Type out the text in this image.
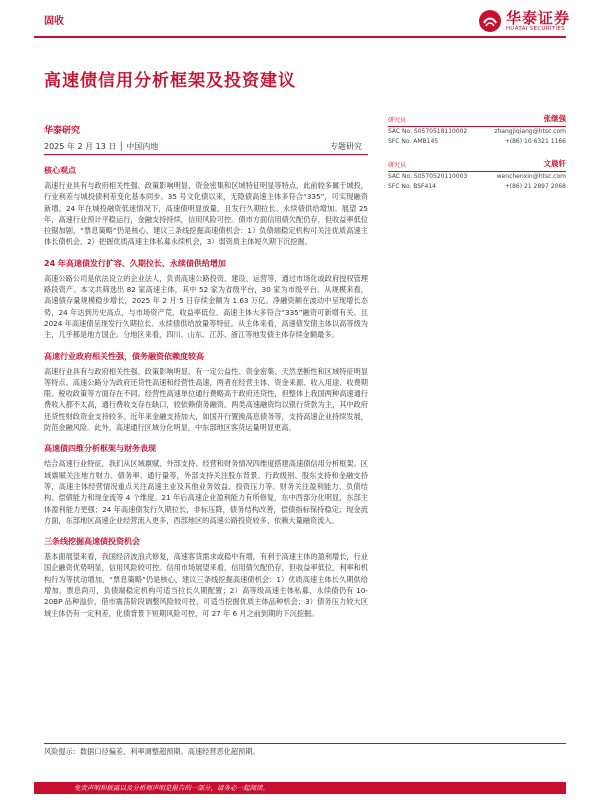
固收	华泰证券
HUATAI SECURITIES
高速债信用分析框架及投资建议
华泰研究
2025 年 2 月 13 日 │ 中国内地	专题研究
核心观点

高速行业具有与政府相关性强、政策影响明显、资金密集和区域特征明显等特点，此前较多属于城投，行业利差与城投债利差变化基本同步。35 号文化债以来，无隐债高速主体多符合“335”，可实现融资新增。24 年在城投融资低迷情况下，高速债明显放量，且发行久期拉长、永续债供给增加。展望 25 年，高速行业预计平稳运行，金融支持持续，信用风险可控。债市方面信用债欠配仍存，但收益率低位拉锯加剧，“票息策略”仍是核心，建议三条线挖掘高速债机会：1）负债端稳定机构可关注优质高速主体长债机会，2）把握优质高速主体私募永续机会，3）弱资质主体短久期下沉挖掘。

24 年高速债发行扩容、久期拉长、永续债供给增加

高速公路公司是依法设立的企业法人，负责高速公路投资、建设、运营等，通过市场化或政府授权管理路段资产。本文共筛选出 82 家高速主体，其中 52 家为省级平台，30 家为市级平台。从规模来看，高速债存量规模稳步增长，2025 年 2 月 5 日存续金额为 1.63 万亿。净融资额在波动中呈现增长态势，24 年达到历史高点，与市场资产荒、收益率低位、高速主体大多符合“335”融资可新增有关。且 2024 年高速债呈现发行久期拉长、永续债供给放量等特征。从主体来看，高速债发债主体以高等级为主，几乎都是地方国企。分地区来看，四川、山东、江苏、浙江等地发债主体存续金额最多。

高速行业政府相关性强，债务融资依赖度较高

高速行业具有与政府相关性强、政策影响明显、有一定公益性、资金密集、天然垄断性和区域特征明显等特点。高速公路分为政府还贷性高速和经营性高速，两者在经营主体、资金来源、收入用途、收费期限、税收政策等方面存在不同。经营性高速单位通行费略高于政府还贷性，但整体上我国两种高速通行费收入都不太高，通行费收支存在缺口，较依赖债务融资。两类高速融资均以银行贷款为主，其中政府还贷性财政资金支持较多。近年来金融支持加大，如国开行置换高息债务等，支持高速企业持续发展，防范金融风险。此外，高速通行区域分化明显，中东部地区客货运量明显更高。

高速债四维分析框架与财务表现

结合高速行业特征，我们从区域禀赋、外部支持、经营和财务情况四维度搭建高速债信用分析框架。区域禀赋关注地方财力、债务率、通行量等，外部支持关注股东背景、行政级别、股东支持和金融支持等，高速主体经营情况重点关注高速主业及其他业务效益、投资压力等。财务关注盈利能力、负债结构、偿债能力和现金流等 4 个维度。21 年后高速企业盈利能力有所修复，东中西部分化明显，东部主体盈利能力更强；24 年高速债发行久期拉长，非标压降，债务结构改善，偿债指标保持稳定；现金流方面，东部地区高速企业经营流入更多，西部地区的高速公路投资较多、依赖大量融资流入。

三条线挖掘高速债投资机会

基本面展望来看，我国经济波浪式修复，高速客货需求或稳中有增，有利于高速主体的盈利增长，行业国企融资优势明显，信用风险较可控。信用市场展望来看，信用债欠配仍存，但收益率低位，利率和机构行为等扰动增加，“票息策略”仍是核心，建议三条线挖掘高速债机会：1）优质高速主体长久期供给增加，票息尚可，负债端稳定机构可适当拉长久期配置；2）高等级高速主体私募、永续债仍有 10-20BP 品种溢价，借市震荡阶段调整风险较可控，可适当挖掘优质主体品种机会；3）债务压力较大区域主体仍有一定利差，化债背景下短期风险可控，可 27 年 6 月之前到期的下沉挖掘。

研究员	张继强
SAC No. S0570518110002	zhangjiqiang@htsc.com
SFC No. AMB145	+(86) 10 6321 1166
研究员	文晨轩
SAC No. S0570520110003	wenchenxin@htsc.com
SFC No. BSF414	+(86) 21 2897 2068
风险提示：数据口径偏差、利率调整超预期、高速经营恶化超预期。
免责声明和披露以及分析师声明是报告的一部分，请务必一起阅读。	1
